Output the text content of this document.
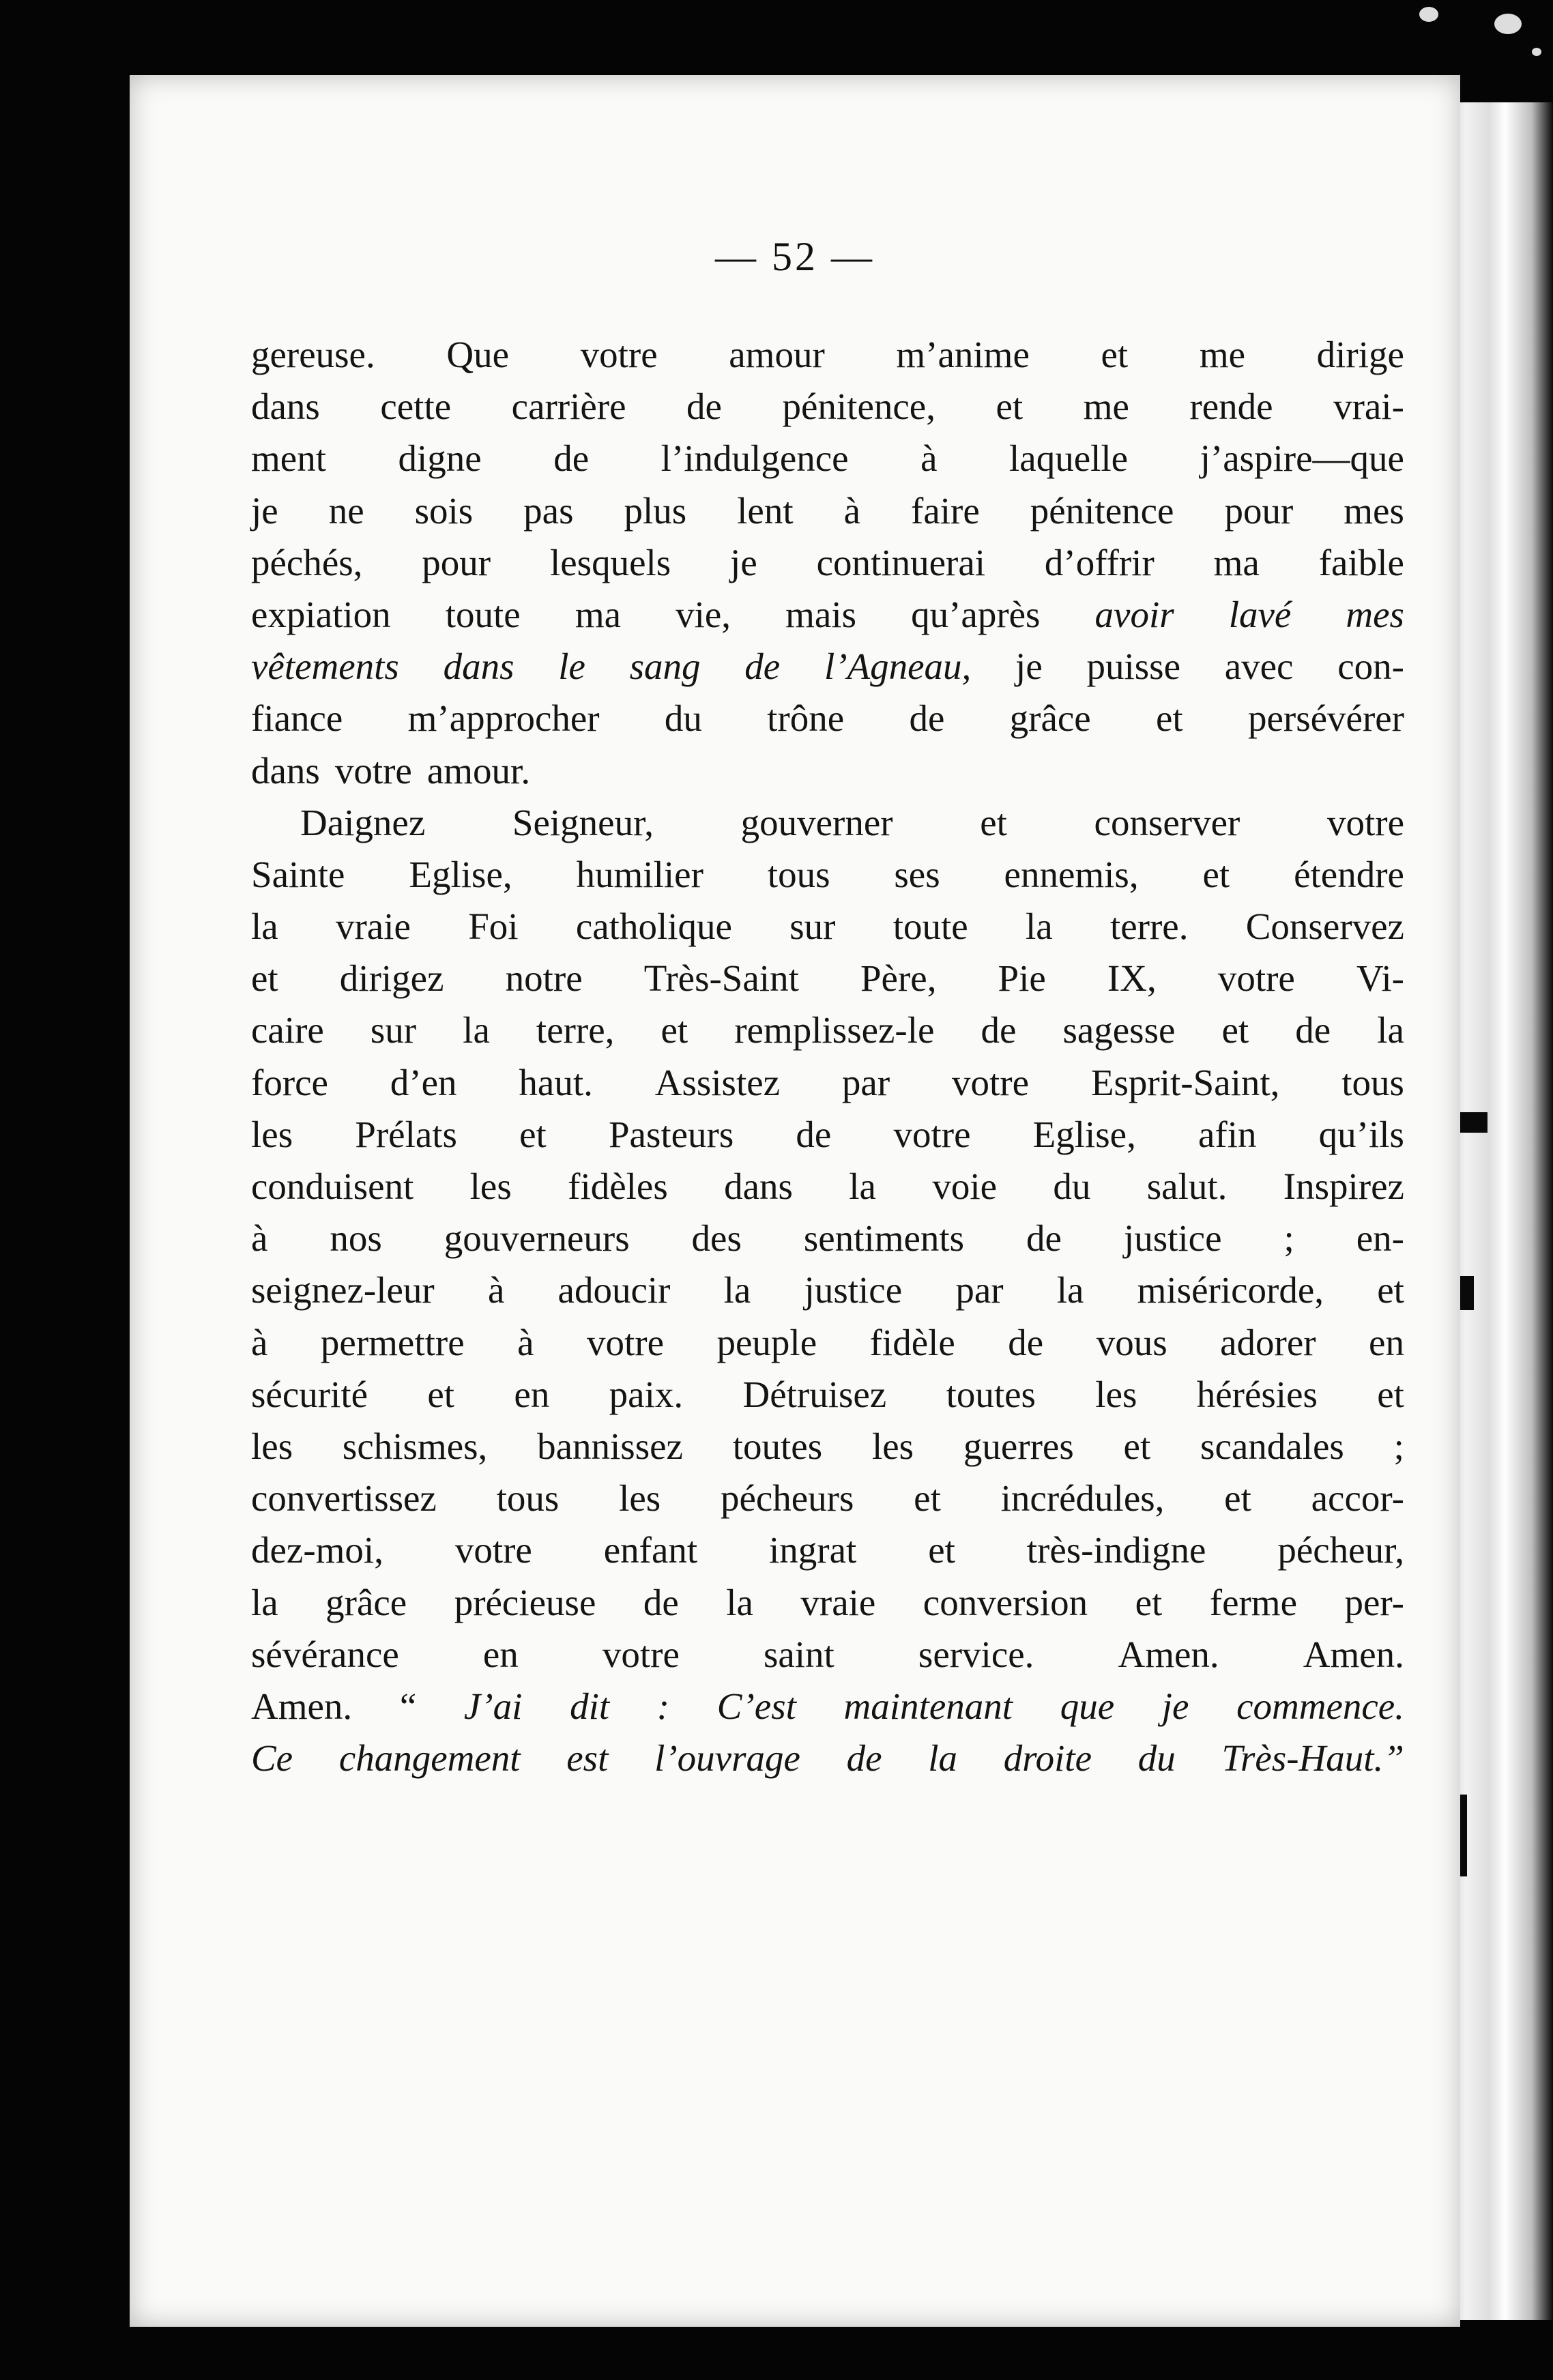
— 52 —
gereuse. Que votre amour m’anime et me dirige
dans cette carrière de pénitence, et me rende vrai-
ment digne de l’indulgence à laquelle j’aspire—que
je ne sois pas plus lent à faire pénitence pour mes
péchés, pour lesquels je continuerai d’offrir ma faible
expiation toute ma vie, mais qu’après avoir lavé mes
vêtements dans le sang de l’Agneau, je puisse avec con-
fiance m’approcher du trône de grâce et persévérer
dans votre amour.
Daignez Seigneur, gouverner et conserver votre
Sainte Eglise, humilier tous ses ennemis, et étendre
la vraie Foi catholique sur toute la terre. Conservez
et dirigez notre Très-Saint Père, Pie IX, votre Vi-
caire sur la terre, et remplissez-le de sagesse et de la
force d’en haut. Assistez par votre Esprit-Saint, tous
les Prélats et Pasteurs de votre Eglise, afin qu’ils
conduisent les fidèles dans la voie du salut. Inspirez
à nos gouverneurs des sentiments de justice ; en-
seignez-leur à adoucir la justice par la miséricorde, et
à permettre à votre peuple fidèle de vous adorer en
sécurité et en paix. Détruisez toutes les hérésies et
les schismes, bannissez toutes les guerres et scandales ;
convertissez tous les pécheurs et incrédules, et accor-
dez-moi, votre enfant ingrat et très-indigne pécheur,
la grâce précieuse de la vraie conversion et ferme per-
sévérance en votre saint service. Amen. Amen.
Amen. “ J’ai dit : C’est maintenant que je commence.
Ce changement est l’ouvrage de la droite du Très-Haut.”
